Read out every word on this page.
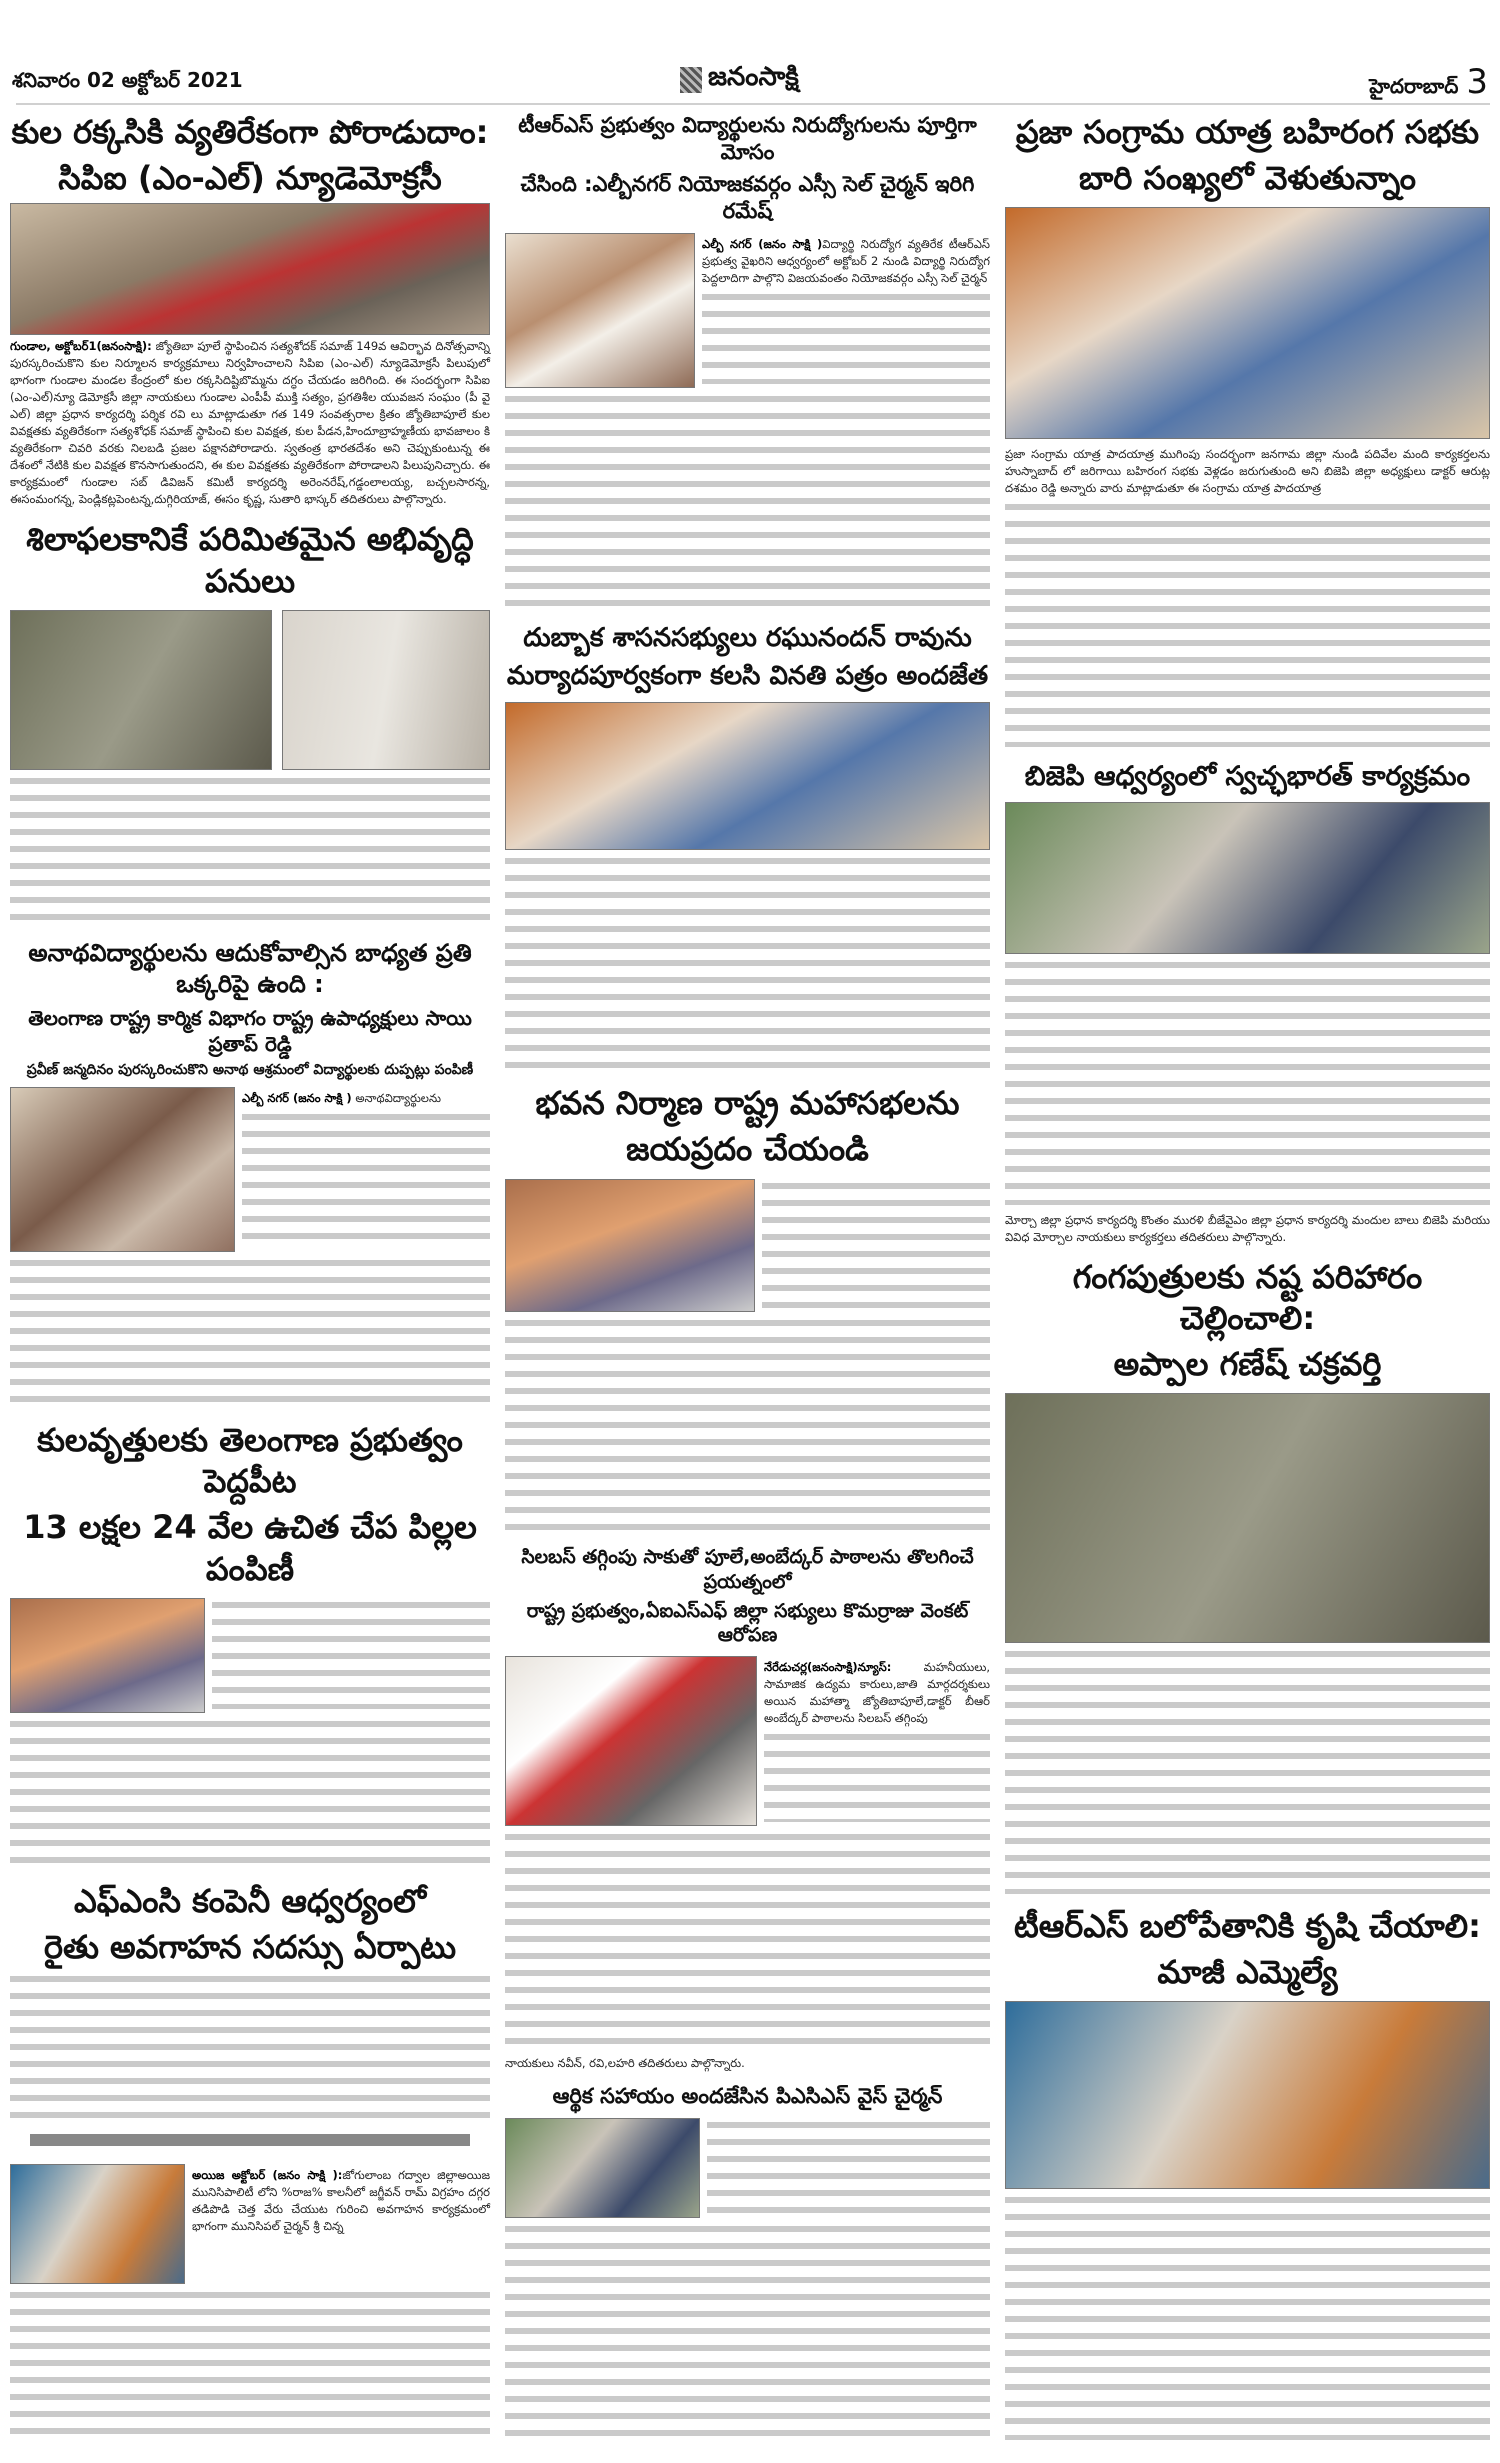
శనివారం 02 అక్టోబర్ 2021	జనంసాక్షి	హైదరాబాద్ 3
కుల రక్కసికి వ్యతిరేకంగా పోరాడుదాం:
సిపిఐ (ఎం-ఎల్) న్యూడెమోక్రసీ
గుండాల, అక్టోబర్1(జనంసాక్షి): జ్యోతిబా పూలే స్థాపించిన సత్యశోదక్ సమాజ్ 149వ ఆవిర్భావ దినోత్సవాన్ని పురస్కరించుకొని కుల నిర్మూలన కార్యక్రమాలు నిర్వహించాలని సిపిఐ (ఎం-ఎల్) న్యూడెమోక్రసీ పిలుపులో భాగంగా గుండాల మండల కేంద్రంలో కుల రక్కసిదిష్టిబొమ్మను దగ్ధం చేయడం జరిగింది. ఈ సందర్భంగా సిపిఐ (ఎం-ఎల్)న్యూ డెమోక్రసీ జిల్లా నాయకులు గుండాల ఎంపీపీ ముక్తి సత్యం, ప్రగతిశీల యువజన సంఘం (పీ వై ఎల్) జిల్లా ప్రధాన కార్యదర్శి పర్శిక రవి లు మాట్లాడుతూ గత 149 సంవత్సరాల క్రితం జ్యోతిబాపూలే కుల వివక్షతకు వ్యతిరేకంగా సత్యశోధక్ సమాజ్ స్థాపించి కుల వివక్షత, కుల పీడన,హిందూబ్రాహ్మణీయ భావజాలం కి వ్యతిరేకంగా చివరి వరకు నిలబడి ప్రజల పక్షానపోరాడారు. స్వతంత్ర భారతదేశం అని చెప్పుకుంటున్న ఈ దేశంలో నేటికి కుల వివక్షత కొనసాగుతుందని, ఈ కుల వివక్షతకు వ్యతిరేకంగా పోరాడాలని పిలుపునిచ్చారు. ఈ కార్యక్రమంలో గుండాల సబ్ డివిజన్ కమిటీ కార్యదర్శి అరెంనరేష్,గడ్డంలాలయ్య, బచ్చలసారన్న, ఈసంమంగన్న, పెండ్లికట్లపెంటన్న,దుగ్గిరియాజ్, ఈసం కృష్ణ, సుతారి భాస్కర్ తదితరులు పాల్గొన్నారు.
శిలాఫలకానికే పరిమితమైన అభివృద్ధి పనులు
అనాథవిద్యార్థులను ఆదుకోవాల్సిన బాధ్యత ప్రతి ఒక్కరిపై ఉంది :
తెలంగాణ రాష్ట్ర కార్మిక విభాగం రాష్ట్ర ఉపాధ్యక్షులు సాయి ప్రతాప్ రెడ్డి
ప్రవీణ్ జన్మదినం పురస్కరించుకొని అనాథ ఆశ్రమంలో విద్యార్థులకు దుప్పట్లు పంపిణీ
ఎల్బీ నగర్ (జనం సాక్షి ) అనాథవిద్యార్థులను
కులవృత్తులకు తెలంగాణ ప్రభుత్వం పెద్దపీట
13 లక్షల 24 వేల ఉచిత చేప పిల్లల పంపిణీ
ఎఫ్ఎంసి కంపెనీ ఆధ్వర్యంలో
రైతు అవగాహన సదస్సు ఏర్పాటు
అయిజ అక్టోబర్ (జనం సాక్షి ):జోగులాంబ గద్వాల జిల్లాఅయిజ మునిసిపాలిటీ లోని %రాజ% కాలనీలో జగ్జీవన్ రామ్ విగ్రహం దగ్గర తడిపొడి చెత్త వేరు చేయుట గురించి అవగాహన కార్యక్రమంలో భాగంగా మునిసిపల్ చైర్మన్ శ్రీ చిన్న
టీఆర్ఎస్ ప్రభుత్వం విద్యార్థులను నిరుద్యోగులను పూర్తిగా మోసం
చేసింది :ఎల్బీనగర్ నియోజకవర్గం ఎస్సీ సెల్ చైర్మన్ ఇరిగి రమేష్
ఎల్బీ నగర్ (జనం సాక్షి )విద్యార్థి నిరుద్యోగ వ్యతిరేక టీఆర్ఎస్ ప్రభుత్వ వైఖరిని ఆధ్వర్యంలో అక్టోబర్ 2 నుండి విద్యార్థి నిరుద్యోగ పెద్దలాదిగా పాల్గొని విజయవంతం నియోజకవర్గం ఎస్సీ సెల్ చైర్మన్
దుబ్బాక శాసనసభ్యులు రఘునందన్ రావును
మర్యాదపూర్వకంగా కలసి వినతి పత్రం అందజేత
భవన నిర్మాణ రాష్ట్ర మహాసభలను
జయప్రదం చేయండి
సిలబస్ తగ్గింపు సాకుతో పూలే,అంబేద్కర్ పాఠాలను తొలగించే ప్రయత్నంలో
రాష్ట్ర ప్రభుత్వం,ఏఐఎస్ఎఫ్ జిల్లా సభ్యులు కొమర్రాజు వెంకట్ ఆరోపణ
నేరేడుచర్ల(జనంసాక్షి)న్యూస్:	మహనీయులు, సామాజిక ఉద్యమ కారులు,జాతి మార్గదర్శకులు అయిన మహాత్మా జ్యోతిబాపూలే,డాక్టర్ బీఆర్ అంబేద్కర్ పాఠాలను సిలబస్ తగ్గింపు
నాయకులు నవీన్, రవి,లహరి తదితరులు పాల్గొన్నారు.
ఆర్థిక సహాయం అందజేసిన పిఎసిఎస్ వైస్ చైర్మన్
ప్రజా సంగ్రామ యాత్ర బహిరంగ సభకు
బారి సంఖ్యలో వెళుతున్నాం
ప్రజా సంగ్రామ యాత్ర పాదయాత్ర ముగింపు సందర్భంగా జనగామ జిల్లా నుండి పదివేల మంది కార్యకర్తలను హుస్నాబాద్ లో జరిగాయి బహిరంగ సభకు వెళ్లడం జరుగుతుంది అని బిజెపి జిల్లా అధ్యక్షులు డాక్టర్ ఆరుట్ల దశమం రెడ్డి అన్నారు వారు మాట్లాడుతూ ఈ సంగ్రామ యాత్ర పాదయాత్ర
బిజెపి ఆధ్వర్యంలో స్వచ్ఛభారత్ కార్యక్రమం
మోర్చా జిల్లా ప్రధాన కార్యదర్శి కొంతం మురళి బీజేవైఎం జిల్లా ప్రధాన కార్యదర్శి మందుల బాలు బిజెపి మరియు వివిధ మోర్చాల నాయకులు కార్యకర్తలు తదితరులు పాల్గొన్నారు.
గంగపుత్రులకు నష్ట పరిహారం చెల్లించాలి:
అప్పాల గణేష్ చక్రవర్తి
టీఆర్ఎస్ బలోపేతానికి కృషి చేయాలి:
మాజీ ఎమ్మెల్యే
